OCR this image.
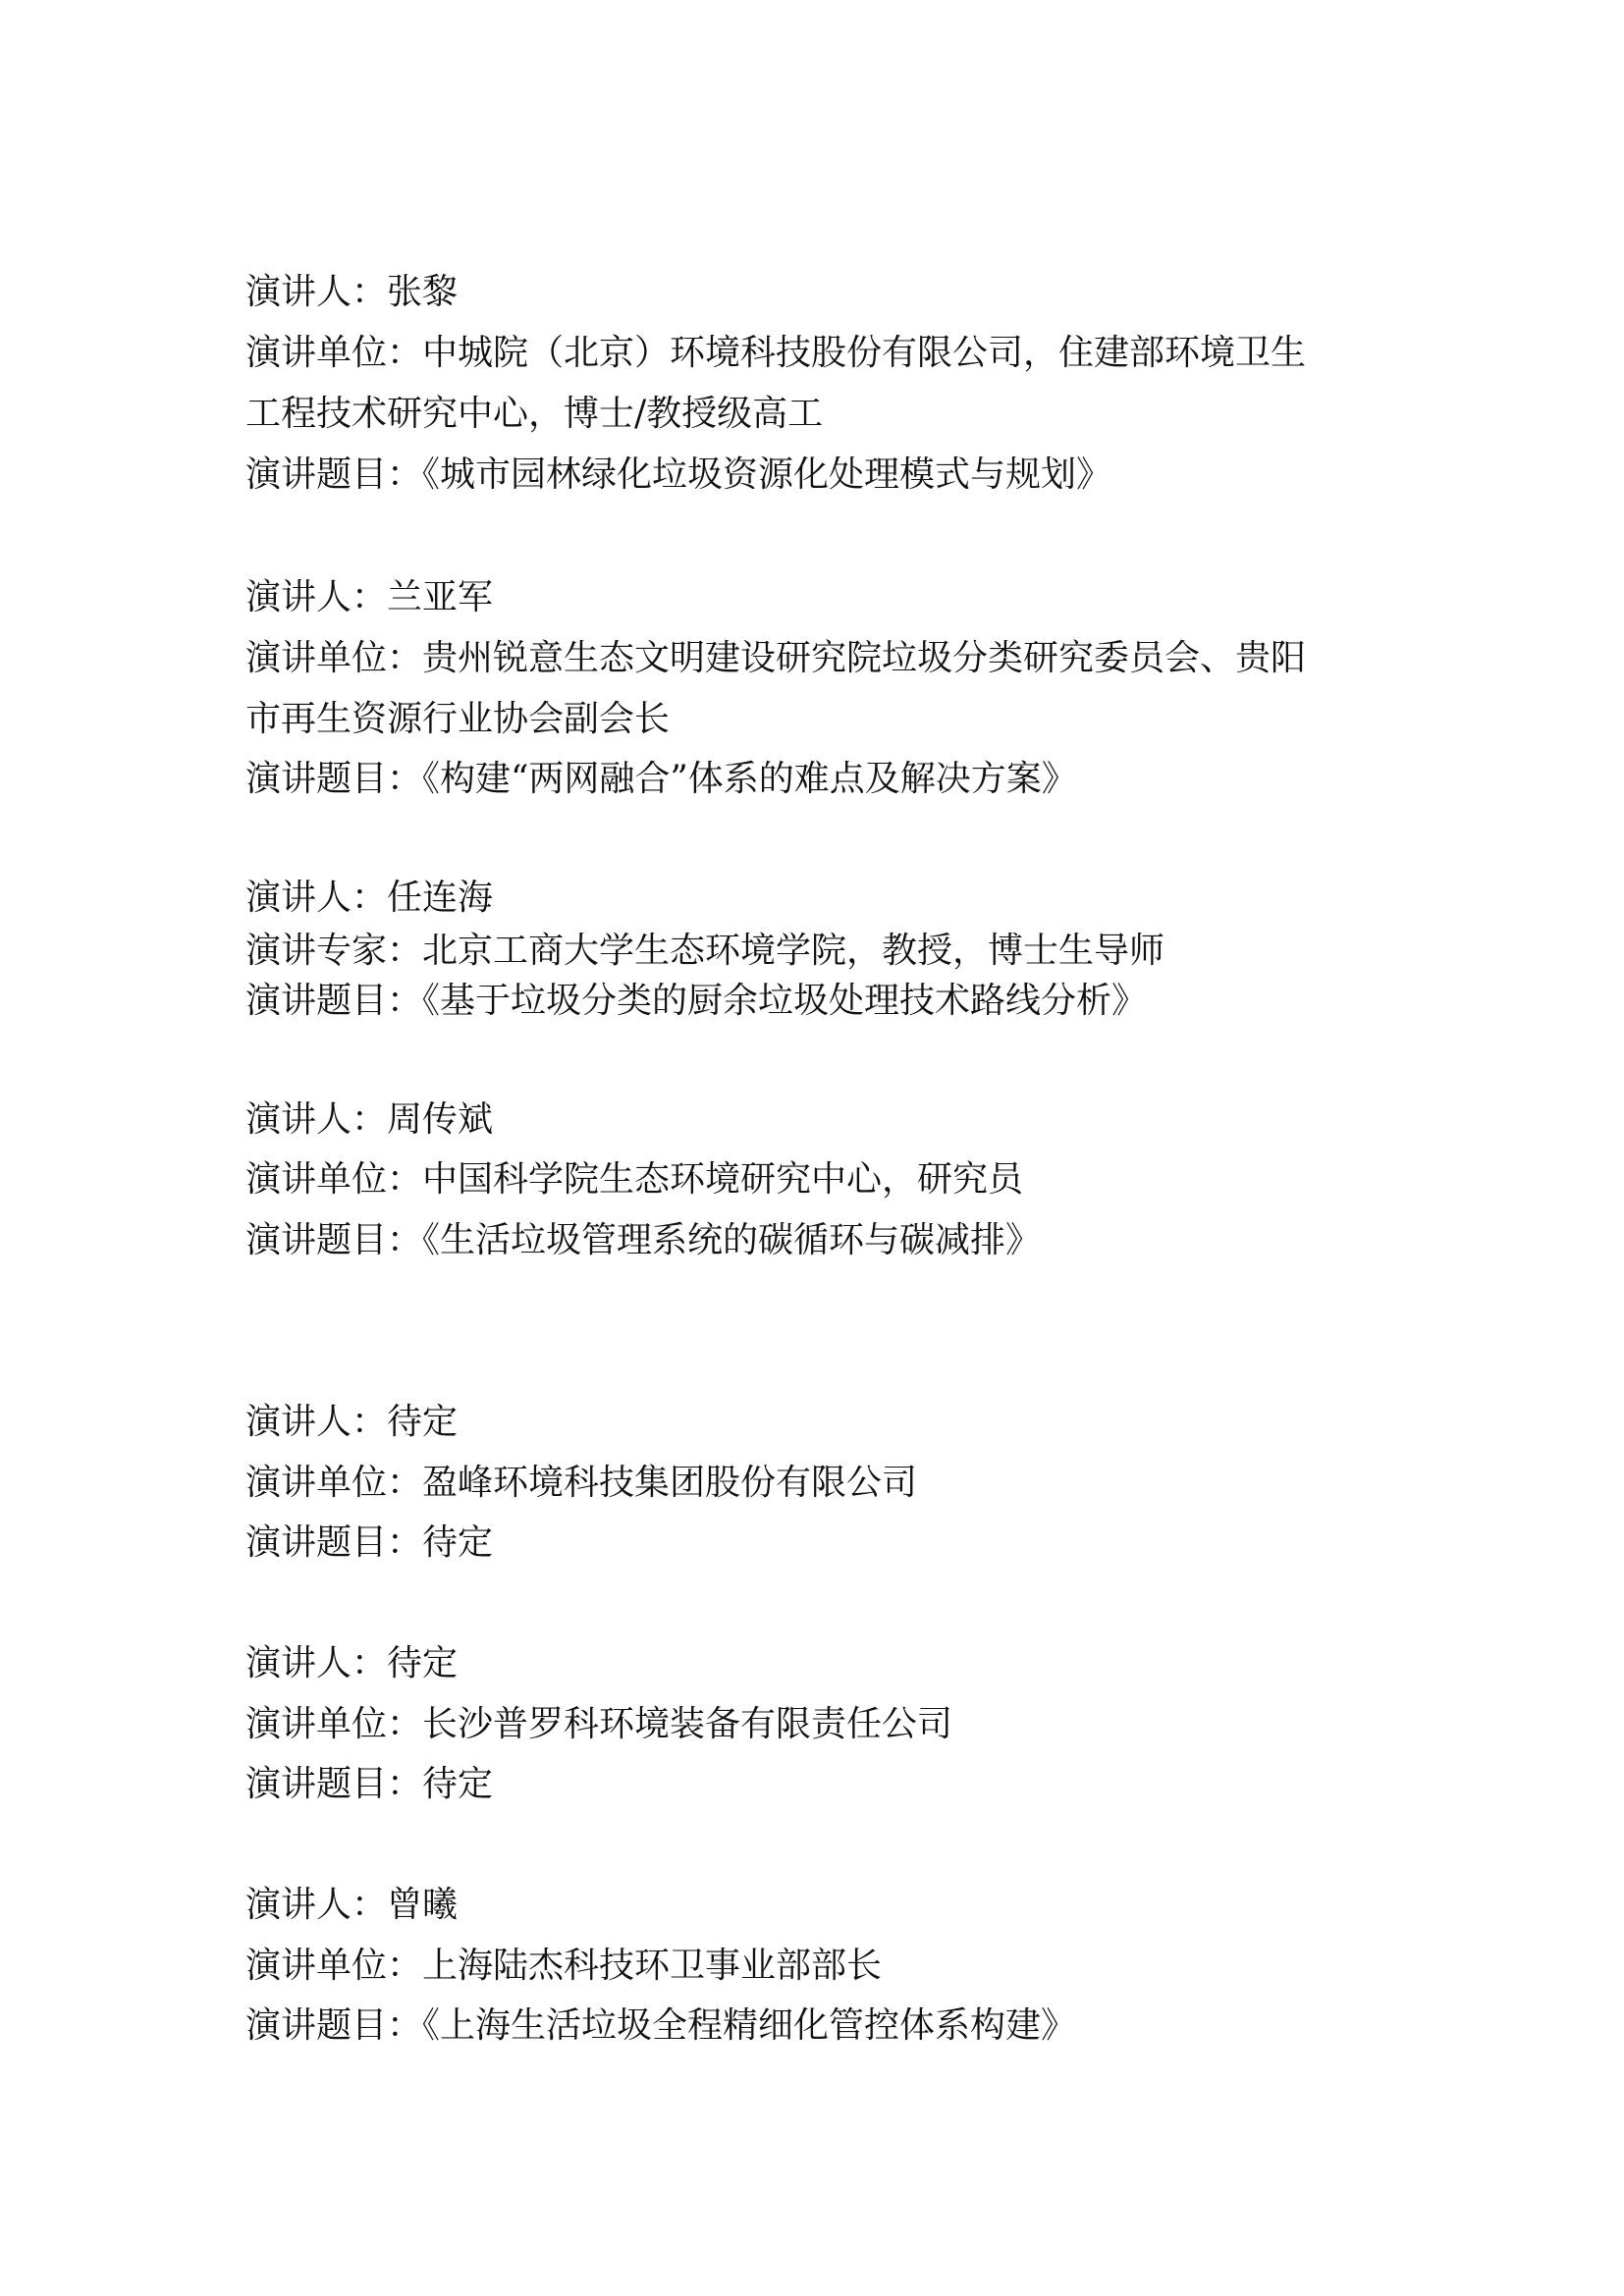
演讲人：张黎
演讲单位：中城院（北京）环境科技股份有限公司，住建部环境卫生
工程技术研究中心，博士/教授级高工
演讲题目：《城市园林绿化垃圾资源化处理模式与规划》
演讲人：兰亚军
演讲单位：贵州锐意生态文明建设研究院垃圾分类研究委员会、贵阳
市再生资源行业协会副会长
演讲题目：《构建“两网融合”体系的难点及解决方案》
演讲人：任连海
演讲专家：北京工商大学生态环境学院，教授，博士生导师
演讲题目：《基于垃圾分类的厨余垃圾处理技术路线分析》
演讲人：周传斌
演讲单位：中国科学院生态环境研究中心，研究员
演讲题目：《生活垃圾管理系统的碳循环与碳减排》
演讲人：待定
演讲单位：盈峰环境科技集团股份有限公司
演讲题目：待定
演讲人：待定
演讲单位：长沙普罗科环境装备有限责任公司
演讲题目：待定
演讲人：曾曦
演讲单位：上海陆杰科技环卫事业部部长
演讲题目：《上海生活垃圾全程精细化管控体系构建》
